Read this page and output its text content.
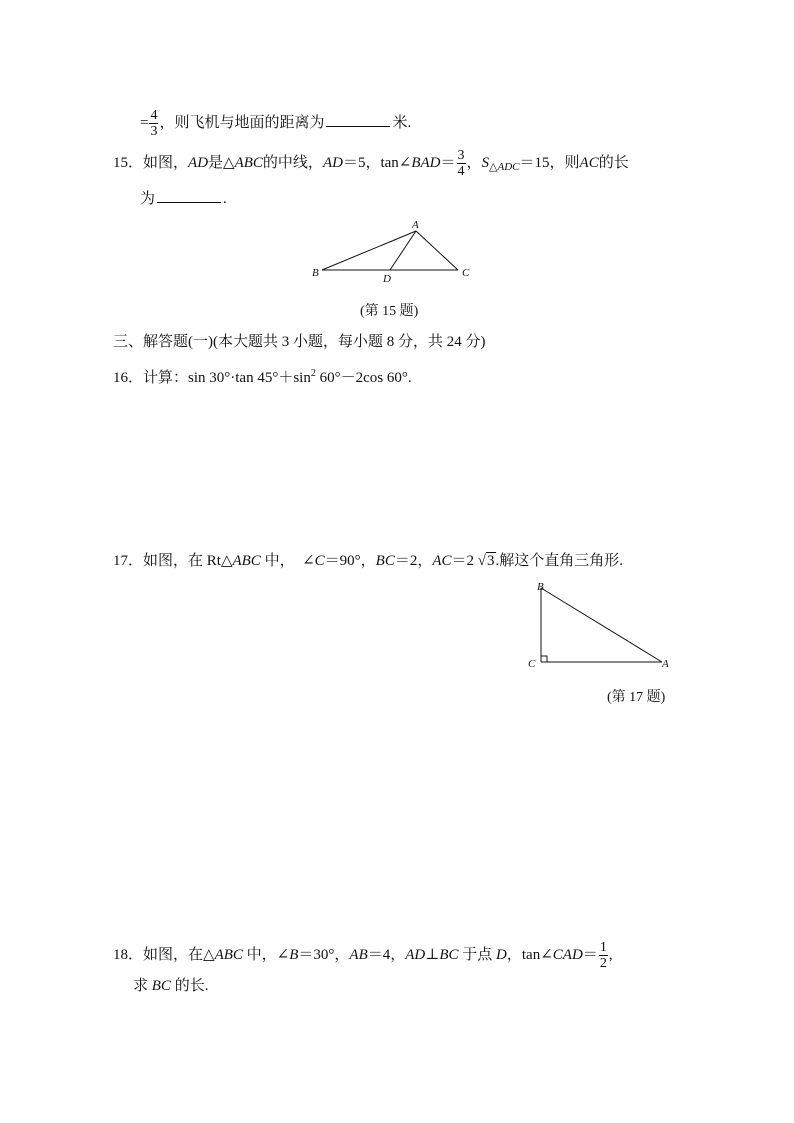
= $\frac{4}{3}$ ，则飞机与地面的距离为	米.
15．如图，AD是△ABC的中线，AD＝5，tan∠BAD＝ $\frac{3}{4}$ ，$S_{\triangle ADC}=15$，则AC的长
为	.
A
B	C
D
(第 15 题)
三、解答题(一)(本大题共 3 小题，每小题 8 分，共 24 分)
16．计算：sin 30°·tan $45^\circ+\sin^2$ 60°－2cos 60°.
17．如图，在 Rt△ABC 中，　∠C＝90°，BC＝2，AC＝2 √3.解这个直角三角形.
B
C	A
(第 17 题)
18．如图，在△ABC 中，∠B＝30°，AB＝4，AD⊥BC 于点 D，tan∠CAD＝ $\frac{1}{2}$ ,
求 BC 的长.
